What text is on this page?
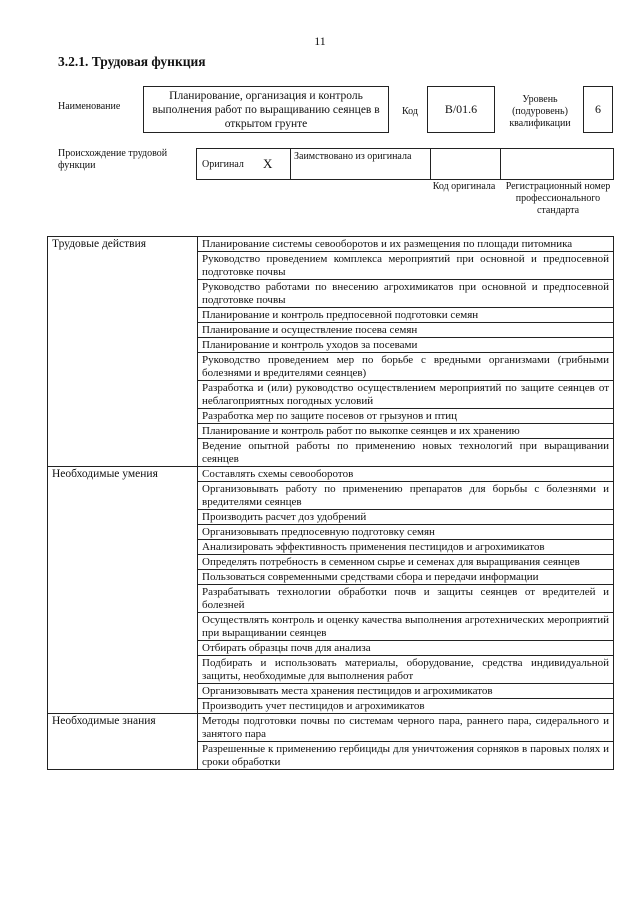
11
3.2.1. Трудовая функция
Наименование
Планирование, организация и контроль выполнения работ по выращиванию сеянцев в открытом грунте
Код B/01.6
Уровень (подуровень) квалификации
6
Происхождение трудовой функции	Оригинал X Заимствовано из оригинала
Код оригинала	Регистрационный номер профессионального стандарта
Трудовые действия	Планирование системы севооборотов и их размещения по площади питомника
	Руководство проведением комплекса мероприятий при основной и предпосевной подготовке почвы
	Руководство работами по внесению агрохимикатов при основной и предпосевной подготовке почвы
	Планирование и контроль предпосевной подготовки семян
	Планирование и осуществление посева семян
	Планирование и контроль уходов за посевами
	Руководство проведением мер по борьбе с вредными организмами (грибными болезнями и вредителями сеянцев)
	Разработка и (или) руководство осуществлением мероприятий по защите сеянцев от неблагоприятных погодных условий
	Разработка мер по защите посевов от грызунов и птиц
	Планирование и контроль работ по выкопке сеянцев и их хранению
	Ведение опытной работы по применению новых технологий при выращивании сеянцев
Необходимые умения	Составлять схемы севооборотов
	Организовывать работу по применению препаратов для борьбы с болезнями и вредителями сеянцев
	Производить расчет доз удобрений
	Организовывать предпосевную подготовку семян
	Анализировать эффективность применения пестицидов и агрохимикатов
	Определять потребность в семенном сырье и семенах для выращивания сеянцев
	Пользоваться современными средствами сбора и передачи информации
	Разрабатывать технологии обработки почв и защиты сеянцев от вредителей и болезней
	Осуществлять контроль и оценку качества выполнения агротехнических мероприятий при выращивании сеянцев
	Отбирать образцы почв для анализа
	Подбирать и использовать материалы, оборудование, средства индивидуальной защиты, необходимые для выполнения работ
	Организовывать места хранения пестицидов и агрохимикатов
	Производить учет пестицидов и агрохимикатов
Необходимые знания	Методы подготовки почвы по системам черного пара, раннего пара, сидерального и занятого пара
	Разрешенные к применению гербициды для уничтожения сорняков в паровых полях и сроки обработки
